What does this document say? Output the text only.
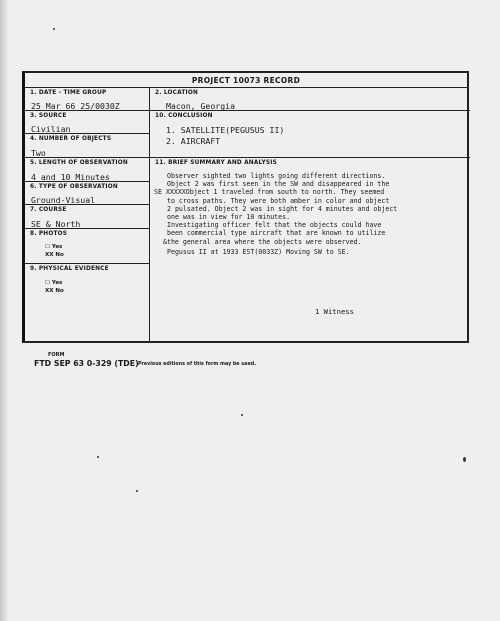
PROJECT 10073 RECORD
1. DATE - TIME GROUP
25 Mar 66 25/0030Z
3. SOURCE
Civilian
4. NUMBER OF OBJECTS
Two
5. LENGTH OF OBSERVATION
4 and 10 Minutes
6. TYPE OF OBSERVATION
Ground-Visual
7. COURSE
SE & North
8. PHOTOS
☐ Yes
XX No
9. PHYSICAL EVIDENCE
☐ Yes
XX No
2. LOCATION
Macon, Georgia
10. CONCLUSION
1. SATELLITE(PEGUSUS II)
2. AIRCRAFT
11. BRIEF SUMMARY AND ANALYSIS
Observer sighted two lights going different directions.
Object 2 was first seen in the SW and disappeared in the
SE XXXXXObject 1 traveled from south to north. They seemed
to cross paths. They were both amber in color and object
2 pulsated. Object 2 was in sight for 4 minutes and object
one was in view for 10 minutes.
Investigating officer felt that the objects could have
been commercial type aircraft that are known to utilize
&the general area where the objects were observed.
Pegusus II at 1933 EST(0033Z) Moving SW to SE.
1 Witness
FORM
FTD SEP 63 0-329 (TDE) Previous editions of this form may be used.
